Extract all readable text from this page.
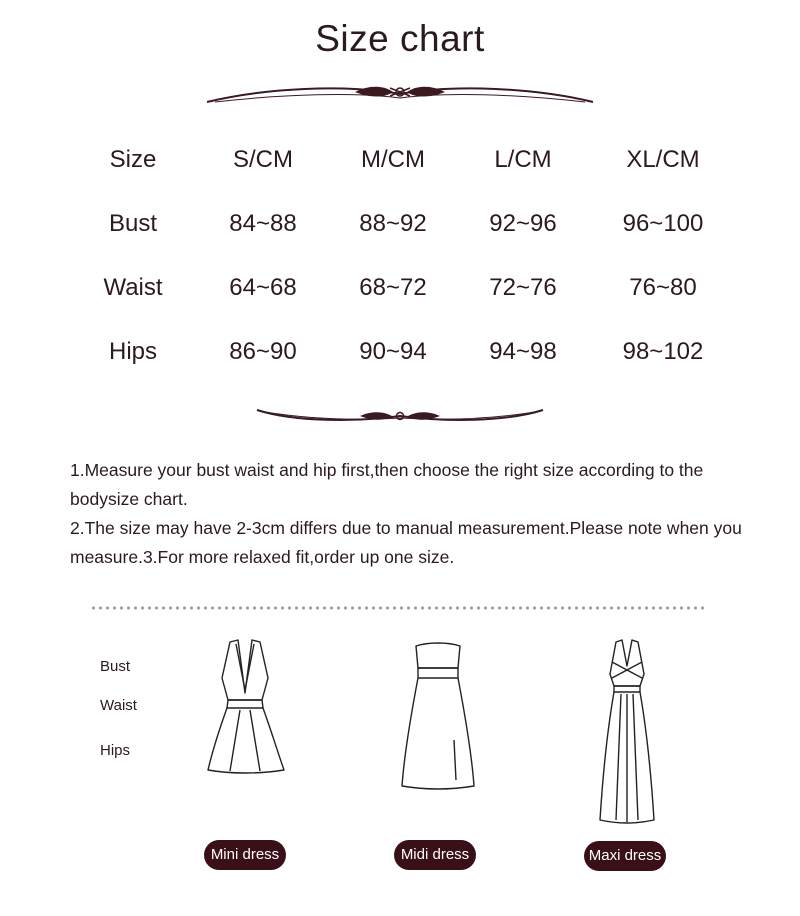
Size chart
Size	S/CM	M/CM	L/CM	XL/CM
Bust	84~88	88~92	92~96	96~100
Waist	64~68	68~72	72~76	76~80
Hips	86~90	90~94	94~98	98~102

1.Measure your bust waist and hip first,then choose the right size according to the bodysize chart.

2.The size may have 2-3cm differs due to manual measurement.Please note when you measure.3.For more relaxed fit,order up one size.

Bust
Waist
Hips
Mini dress	Midi dress	Maxi dress
